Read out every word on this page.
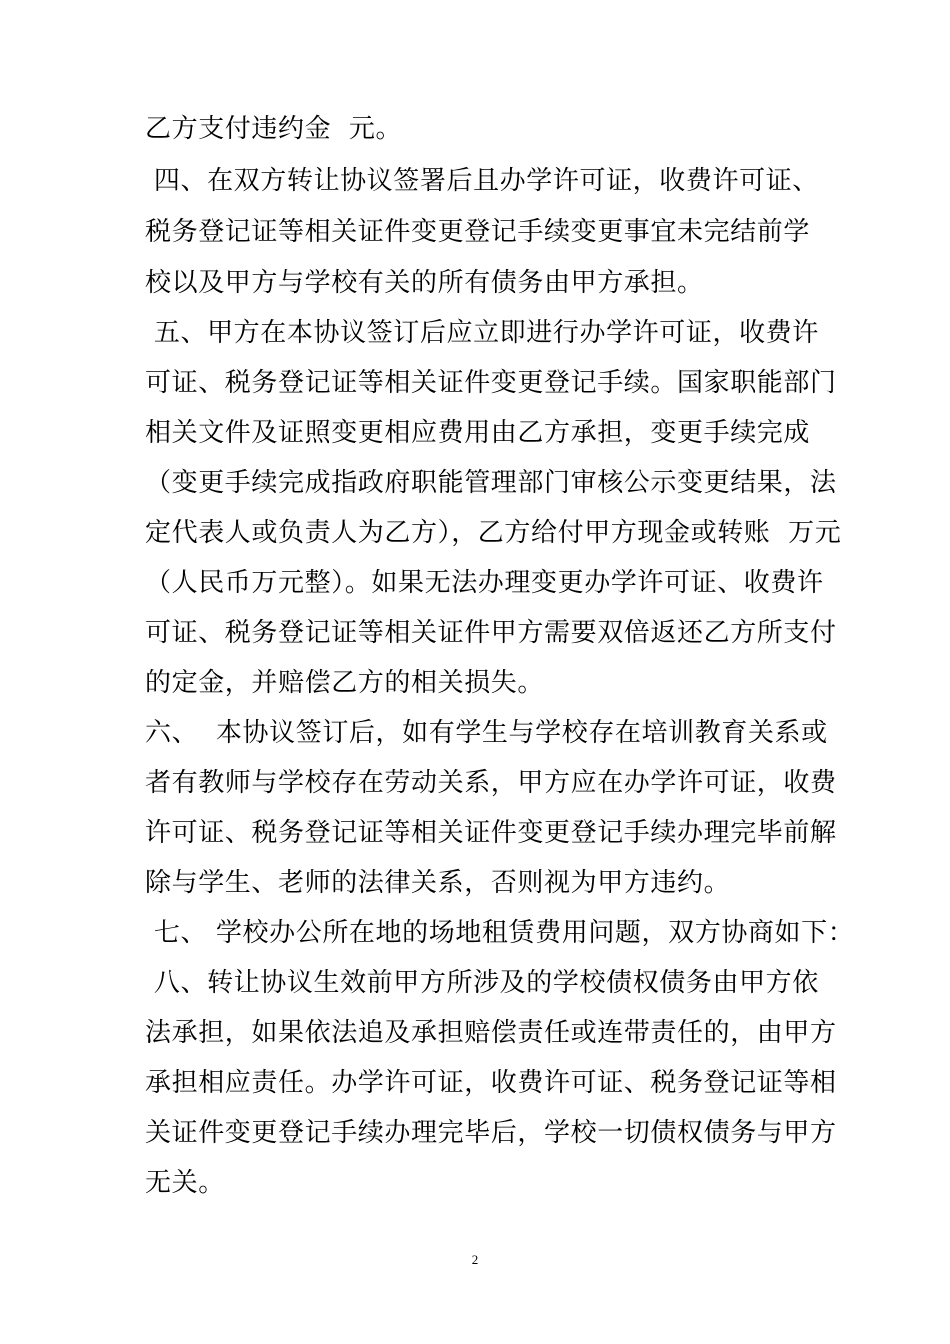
乙方支付违约金  元。
四、在双方转让协议签署后且办学许可证，收费许可证、
税务登记证等相关证件变更登记手续变更事宜未完结前学
校以及甲方与学校有关的所有债务由甲方承担。
五、甲方在本协议签订后应立即进行办学许可证，收费许
可证、税务登记证等相关证件变更登记手续。国家职能部门
相关文件及证照变更相应费用由乙方承担，变更手续完成
（变更手续完成指政府职能管理部门审核公示变更结果，法
定代表人或负责人为乙方），乙方给付甲方现金或转账  万元
（人民币万元整）。如果无法办理变更办学许可证、收费许
可证、税务登记证等相关证件甲方需要双倍返还乙方所支付
的定金，并赔偿乙方的相关损失。
六、  本协议签订后，如有学生与学校存在培训教育关系或
者有教师与学校存在劳动关系，甲方应在办学许可证，收费
许可证、税务登记证等相关证件变更登记手续办理完毕前解
除与学生、老师的法律关系，否则视为甲方违约。
七、 学校办公所在地的场地租赁费用问题，双方协商如下：
八、转让协议生效前甲方所涉及的学校债权债务由甲方依
法承担，如果依法追及承担赔偿责任或连带责任的，由甲方
承担相应责任。办学许可证，收费许可证、税务登记证等相
关证件变更登记手续办理完毕后，学校一切债权债务与甲方
无关。
2
